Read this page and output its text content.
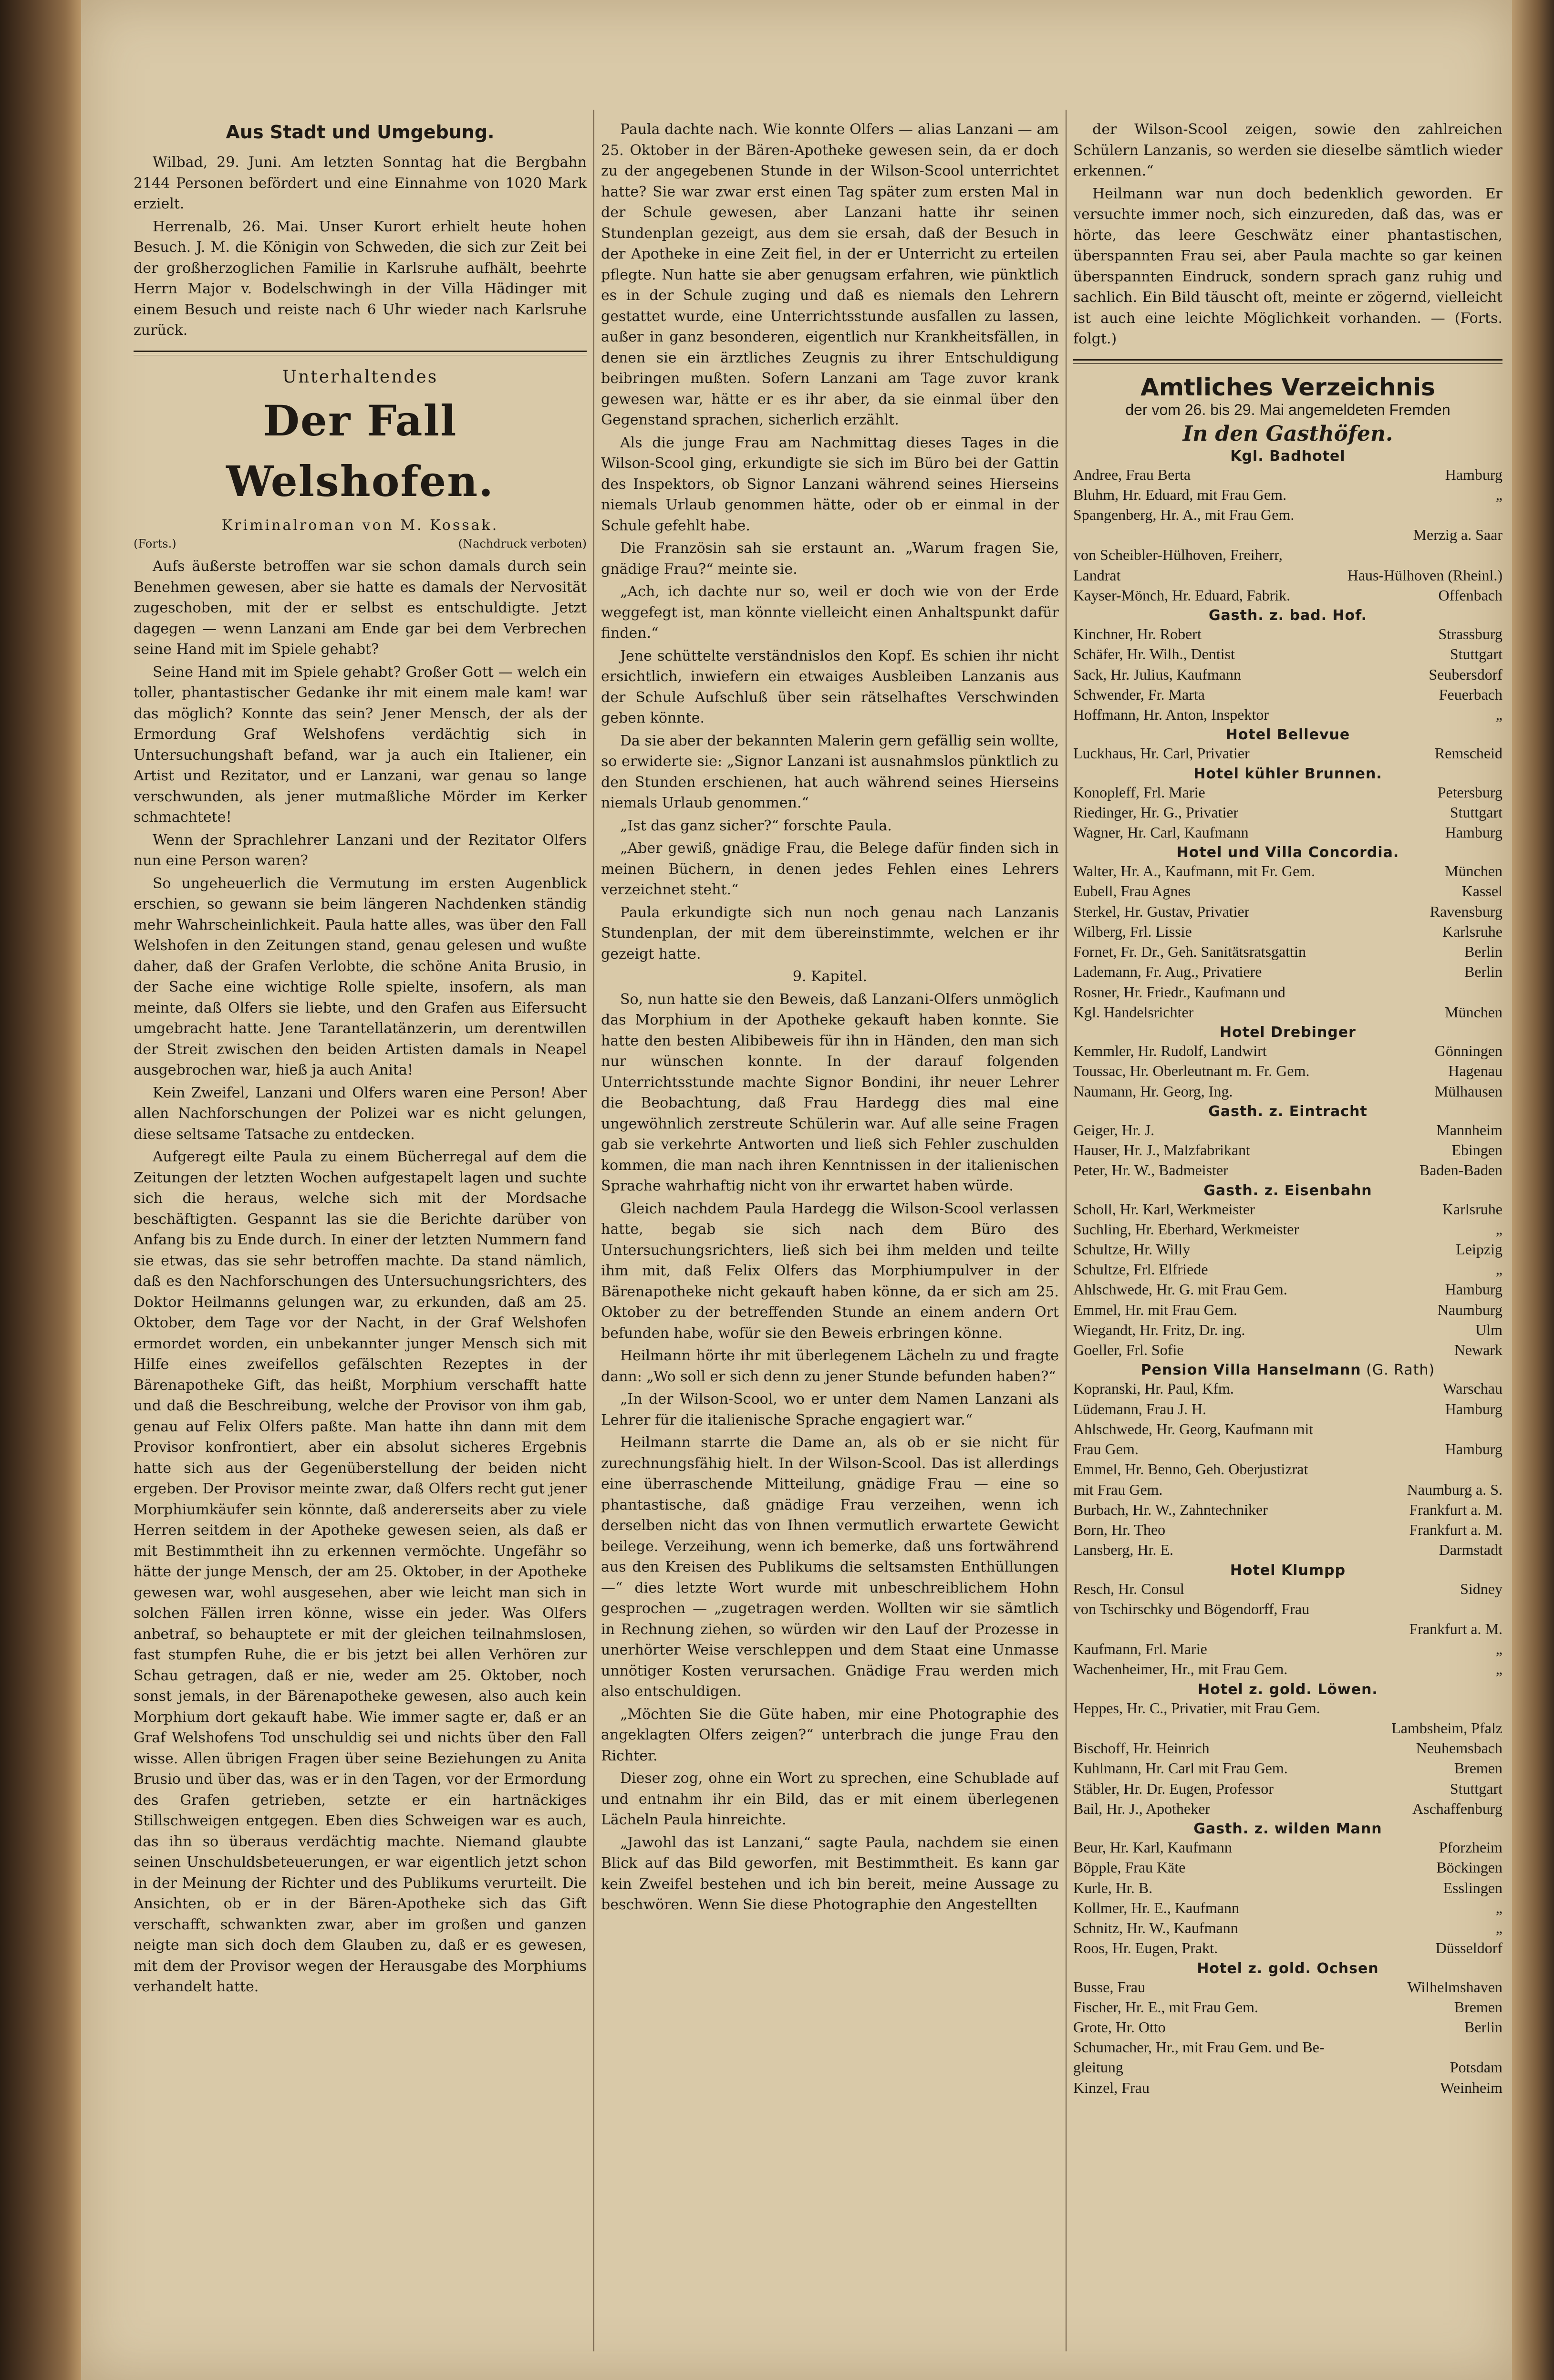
Aus Stadt und Umgebung.

Wilbad, 29. Juni. Am letzten Sonntag hat die Bergbahn 2144 Personen befördert und eine Einnahme von 1020 Mark erzielt.

Herrenalb, 26. Mai. Unser Kurort erhielt heute hohen Besuch. J. M. die Königin von Schweden, die sich zur Zeit bei der großherzoglichen Familie in Karlsruhe aufhält, beehrte Herrn Major v. Bodelschwingh in der Villa Hädinger mit einem Besuch und reiste nach 6 Uhr wieder nach Karlsruhe zurück.

Unterhaltendes
Der Fall Welshofen.
Kriminalroman von M. Kossak.
(Forts.)	(Nachdruck verboten)

Aufs äußerste betroffen war sie schon damals durch sein Benehmen gewesen, aber sie hatte es damals der Nervosität zugeschoben, mit der er selbst es entschuldigte. Jetzt dagegen — wenn Lanzani am Ende gar bei dem Verbrechen seine Hand mit im Spiele gehabt?

Seine Hand mit im Spiele gehabt? Großer Gott — welch ein toller, phantastischer Gedanke ihr mit einem male kam! war das möglich? Konnte das sein? Jener Mensch, der als der Ermordung Graf Welshofens verdächtig sich in Untersuchungshaft befand, war ja auch ein Italiener, ein Artist und Rezitator, und er Lanzani, war genau so lange verschwunden, als jener mutmaßliche Mörder im Kerker schmachtete!

Wenn der Sprachlehrer Lanzani und der Rezitator Olfers nun eine Person waren?

So ungeheuerlich die Vermutung im ersten Augenblick erschien, so gewann sie beim längeren Nachdenken ständig mehr Wahrscheinlichkeit. Paula hatte alles, was über den Fall Welshofen in den Zeitungen stand, genau gelesen und wußte daher, daß der Grafen Verlobte, die schöne Anita Brusio, in der Sache eine wichtige Rolle spielte, insofern, als man meinte, daß Olfers sie liebte, und den Grafen aus Eifersucht umgebracht hatte. Jene Tarantellatänzerin, um derentwillen der Streit zwischen den beiden Artisten damals in Neapel ausgebrochen war, hieß ja auch Anita!

Kein Zweifel, Lanzani und Olfers waren eine Person! Aber allen Nachforschungen der Polizei war es nicht gelungen, diese seltsame Tatsache zu entdecken.

Aufgeregt eilte Paula zu einem Bücherregal auf dem die Zeitungen der letzten Wochen aufgestapelt lagen und suchte sich die heraus, welche sich mit der Mordsache beschäftigten. Gespannt las sie die Berichte darüber von Anfang bis zu Ende durch. In einer der letzten Nummern fand sie etwas, das sie sehr betroffen machte. Da stand nämlich, daß es den Nachforschungen des Untersuchungsrichters, des Doktor Heilmanns gelungen war, zu erkunden, daß am 25. Oktober, dem Tage vor der Nacht, in der Graf Welshofen ermordet worden, ein unbekannter junger Mensch sich mit Hilfe eines zweifellos gefälschten Rezeptes in der Bärenapotheke Gift, das heißt, Morphium verschafft hatte und daß die Beschreibung, welche der Provisor von ihm gab, genau auf Felix Olfers paßte. Man hatte ihn dann mit dem Provisor konfrontiert, aber ein absolut sicheres Ergebnis hatte sich aus der Gegenüberstellung der beiden nicht ergeben. Der Provisor meinte zwar, daß Olfers recht gut jener Morphiumkäufer sein könnte, daß andererseits aber zu viele Herren seitdem in der Apotheke gewesen seien, als daß er mit Bestimmtheit ihn zu erkennen vermöchte. Ungefähr so hätte der junge Mensch, der am 25. Oktober, in der Apotheke gewesen war, wohl ausgesehen, aber wie leicht man sich in solchen Fällen irren könne, wisse ein jeder. Was Olfers anbetraf, so behauptete er mit der gleichen teilnahmslosen, fast stumpfen Ruhe, die er bis jetzt bei allen Verhören zur Schau getragen, daß er nie, weder am 25. Oktober, noch sonst jemals, in der Bärenapotheke gewesen, also auch kein Morphium dort gekauft habe. Wie immer sagte er, daß er an Graf Welshofens Tod unschuldig sei und nichts über den Fall wisse. Allen übrigen Fragen über seine Beziehungen zu Anita Brusio und über das, was er in den Tagen, vor der Ermordung des Grafen getrieben, setzte er ein hartnäckiges Stillschweigen entgegen. Eben dies Schweigen war es auch, das ihn so überaus verdächtig machte. Niemand glaubte seinen Unschuldsbeteuerungen, er war eigentlich jetzt schon in der Meinung der Richter und des Publikums verurteilt. Die Ansichten, ob er in der Bären-Apotheke sich das Gift verschafft, schwankten zwar, aber im großen und ganzen neigte man sich doch dem Glauben zu, daß er es gewesen, mit dem der Provisor wegen der Herausgabe des Morphiums verhandelt hatte.

Paula dachte nach. Wie konnte Olfers — alias Lanzani — am 25. Oktober in der Bären-Apotheke gewesen sein, da er doch zu der angegebenen Stunde in der Wilson-Scool unterrichtet hatte? Sie war zwar erst einen Tag später zum ersten Mal in der Schule gewesen, aber Lanzani hatte ihr seinen Stundenplan gezeigt, aus dem sie ersah, daß der Besuch in der Apotheke in eine Zeit fiel, in der er Unterricht zu erteilen pflegte. Nun hatte sie aber genugsam erfahren, wie pünktlich es in der Schule zuging und daß es niemals den Lehrern gestattet wurde, eine Unterrichtsstunde ausfallen zu lassen, außer in ganz besonderen, eigentlich nur Krankheitsfällen, in denen sie ein ärztliches Zeugnis zu ihrer Entschuldigung beibringen mußten. Sofern Lanzani am Tage zuvor krank gewesen war, hätte er es ihr aber, da sie einmal über den Gegenstand sprachen, sicherlich erzählt.

Als die junge Frau am Nachmittag dieses Tages in die Wilson-Scool ging, erkundigte sie sich im Büro bei der Gattin des Inspektors, ob Signor Lanzani während seines Hierseins niemals Urlaub genommen hätte, oder ob er einmal in der Schule gefehlt habe.

Die Französin sah sie erstaunt an. „Warum fragen Sie, gnädige Frau?“ meinte sie.

„Ach, ich dachte nur so, weil er doch wie von der Erde weggefegt ist, man könnte vielleicht einen Anhaltspunkt dafür finden.“

Jene schüttelte verständnislos den Kopf. Es schien ihr nicht ersichtlich, inwiefern ein etwaiges Ausbleiben Lanzanis aus der Schule Aufschluß über sein rätselhaftes Verschwinden geben könnte.

Da sie aber der bekannten Malerin gern gefällig sein wollte, so erwiderte sie: „Signor Lanzani ist ausnahmslos pünktlich zu den Stunden erschienen, hat auch während seines Hierseins niemals Urlaub genommen.“

„Ist das ganz sicher?“ forschte Paula.

„Aber gewiß, gnädige Frau, die Belege dafür finden sich in meinen Büchern, in denen jedes Fehlen eines Lehrers verzeichnet steht.“

Paula erkundigte sich nun noch genau nach Lanzanis Stundenplan, der mit dem übereinstimmte, welchen er ihr gezeigt hatte.

9. Kapitel.

So, nun hatte sie den Beweis, daß Lanzani-Olfers unmöglich das Morphium in der Apotheke gekauft haben konnte. Sie hatte den besten Alibibeweis für ihn in Händen, den man sich nur wünschen konnte. In der darauf folgenden Unterrichtsstunde machte Signor Bondini, ihr neuer Lehrer die Beobachtung, daß Frau Hardegg dies mal eine ungewöhnlich zerstreute Schülerin war. Auf alle seine Fragen gab sie verkehrte Antworten und ließ sich Fehler zuschulden kommen, die man nach ihren Kenntnissen in der italienischen Sprache wahrhaftig nicht von ihr erwartet haben würde.

Gleich nachdem Paula Hardegg die Wilson-Scool verlassen hatte, begab sie sich nach dem Büro des Untersuchungsrichters, ließ sich bei ihm melden und teilte ihm mit, daß Felix Olfers das Morphiumpulver in der Bärenapotheke nicht gekauft haben könne, da er sich am 25. Oktober zu der betreffenden Stunde an einem andern Ort befunden habe, wofür sie den Beweis erbringen könne.

Heilmann hörte ihr mit überlegenem Lächeln zu und fragte dann: „Wo soll er sich denn zu jener Stunde befunden haben?“

„In der Wilson-Scool, wo er unter dem Namen Lanzani als Lehrer für die italienische Sprache engagiert war.“

Heilmann starrte die Dame an, als ob er sie nicht für zurechnungsfähig hielt. In der Wilson-Scool. Das ist allerdings eine überraschende Mitteilung, gnädige Frau — eine so phantastische, daß gnädige Frau verzeihen, wenn ich derselben nicht das von Ihnen vermutlich erwartete Gewicht beilege. Verzeihung, wenn ich bemerke, daß uns fortwährend aus den Kreisen des Publikums die seltsamsten Enthüllungen —“ dies letzte Wort wurde mit unbeschreiblichem Hohn gesprochen — „zugetragen werden. Wollten wir sie sämtlich in Rechnung ziehen, so würden wir den Lauf der Prozesse in unerhörter Weise verschleppen und dem Staat eine Unmasse unnötiger Kosten verursachen. Gnädige Frau werden mich also entschuldigen.

„Möchten Sie die Güte haben, mir eine Photographie des angeklagten Olfers zeigen?“ unterbrach die junge Frau den Richter.

Dieser zog, ohne ein Wort zu sprechen, eine Schublade auf und entnahm ihr ein Bild, das er mit einem überlegenen Lächeln Paula hinreichte.

„Jawohl das ist Lanzani,“ sagte Paula, nachdem sie einen Blick auf das Bild geworfen, mit Bestimmtheit. Es kann gar kein Zweifel bestehen und ich bin bereit, meine Aussage zu beschwören. Wenn Sie diese Photographie den Angestellten

der Wilson-Scool zeigen, sowie den zahlreichen Schülern Lanzanis, so werden sie dieselbe sämtlich wieder erkennen.“

Heilmann war nun doch bedenklich geworden. Er versuchte immer noch, sich einzureden, daß das, was er hörte, das leere Geschwätz einer phantastischen, überspannten Frau sei, aber Paula machte so gar keinen überspannten Eindruck, sondern sprach ganz ruhig und sachlich. Ein Bild täuscht oft, meinte er zögernd, vielleicht ist auch eine leichte Möglichkeit vorhanden. — (Forts. folgt.)

Amtliches Verzeichnis
der vom 26. bis 29. Mai angemeldeten Fremden
In den Gasthöfen.
Kgl. Badhotel
Andree, Frau Berta	Hamburg
Bluhm, Hr. Eduard, mit Frau Gem.	„
Spangenberg, Hr. A., mit Frau Gem.
Merzig a. Saar
von Scheibler-Hülhoven, Freiherr,
Landrat	Haus-Hülhoven (Rheinl.)
Kayser-Mönch, Hr. Eduard, Fabrik.	Offenbach
Gasth. z. bad. Hof.
Kinchner, Hr. Robert	Strassburg
Schäfer, Hr. Wilh., Dentist	Stuttgart
Sack, Hr. Julius, Kaufmann	Seubersdorf
Schwender, Fr. Marta	Feuerbach
Hoffmann, Hr. Anton, Inspektor	„
Hotel Bellevue
Luckhaus, Hr. Carl, Privatier	Remscheid
Hotel kühler Brunnen.
Konopleff, Frl. Marie	Petersburg
Riedinger, Hr. G., Privatier	Stuttgart
Wagner, Hr. Carl, Kaufmann	Hamburg
Hotel und Villa Concordia.
Walter, Hr. A., Kaufmann, mit Fr. Gem.	München
Eubell, Frau Agnes	Kassel
Sterkel, Hr. Gustav, Privatier	Ravensburg
Wilberg, Frl. Lissie	Karlsruhe
Fornet, Fr. Dr., Geh. Sanitätsratsgattin	Berlin
Lademann, Fr. Aug., Privatiere	Berlin
Rosner, Hr. Friedr., Kaufmann und
Kgl. Handelsrichter	München
Hotel Drebinger
Kemmler, Hr. Rudolf, Landwirt	Gönningen
Toussac, Hr. Oberleutnant m. Fr. Gem.	Hagenau
Naumann, Hr. Georg, Ing.	Mülhausen
Gasth. z. Eintracht
Geiger, Hr. J.	Mannheim
Hauser, Hr. J., Malzfabrikant	Ebingen
Peter, Hr. W., Badmeister	Baden-Baden
Gasth. z. Eisenbahn
Scholl, Hr. Karl, Werkmeister	Karlsruhe
Suchling, Hr. Eberhard, Werkmeister	„
Schultze, Hr. Willy	Leipzig
Schultze, Frl. Elfriede	„
Ahlschwede, Hr. G. mit Frau Gem.	Hamburg
Emmel, Hr. mit Frau Gem.	Naumburg
Wiegandt, Hr. Fritz, Dr. ing.	Ulm
Goeller, Frl. Sofie	Newark
Pension Villa Hanselmann (G. Rath)
Kopranski, Hr. Paul, Kfm.	Warschau
Lüdemann, Frau J. H.	Hamburg
Ahlschwede, Hr. Georg, Kaufmann mit
Frau Gem.	Hamburg
Emmel, Hr. Benno, Geh. Oberjustizrat
mit Frau Gem.	Naumburg a. S.
Burbach, Hr. W., Zahntechniker	Frankfurt a. M.
Born, Hr. Theo	Frankfurt a. M.
Lansberg, Hr. E.	Darmstadt
Hotel Klumpp
Resch, Hr. Consul	Sidney
von Tschirschky und Bögendorff, Frau
Frankfurt a. M.
Kaufmann, Frl. Marie	„
Wachenheimer, Hr., mit Frau Gem.	„
Hotel z. gold. Löwen.
Heppes, Hr. C., Privatier, mit Frau Gem.
Lambsheim, Pfalz
Bischoff, Hr. Heinrich	Neuhemsbach
Kuhlmann, Hr. Carl mit Frau Gem.	Bremen
Stäbler, Hr. Dr. Eugen, Professor	Stuttgart
Bail, Hr. J., Apotheker	Aschaffenburg
Gasth. z. wilden Mann
Beur, Hr. Karl, Kaufmann	Pforzheim
Böpple, Frau Käte	Böckingen
Kurle, Hr. B.	Esslingen
Kollmer, Hr. E., Kaufmann	„
Schnitz, Hr. W., Kaufmann	„
Roos, Hr. Eugen, Prakt.	Düsseldorf
Hotel z. gold. Ochsen
Busse, Frau	Wilhelmshaven
Fischer, Hr. E., mit Frau Gem.	Bremen
Grote, Hr. Otto	Berlin
Schumacher, Hr., mit Frau Gem. und Be-
gleitung	Potsdam
Kinzel, Frau	Weinheim
